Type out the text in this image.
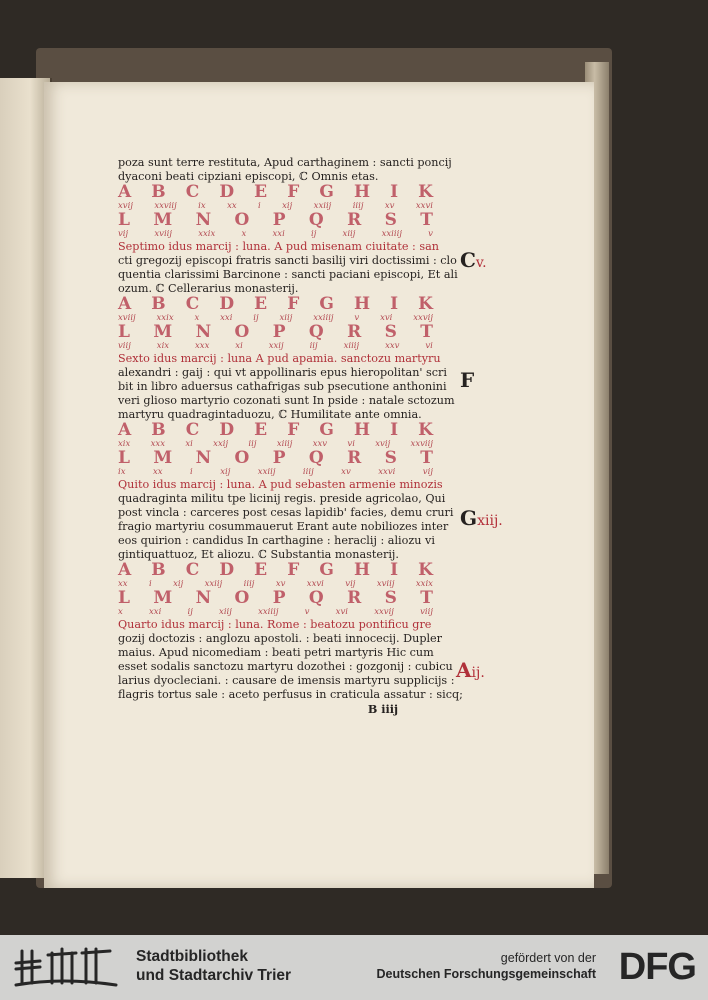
poza sunt terre restituta, Apud carthaginem : sancti poncij

dyaconi beati cipziani episcopi, ℂ Omnis etas.

A B C D E F G H I K
xvij	xxviij	ix	xx	i	xij	xxiij	iiij	xv	xxvi
L M N O P Q R S T
vij	xviij	xxix	x	xxi	ij	xiij	xxiiij	v

Septimo idus marcij : luna. A pud misenam ciuitate : san

cti gregozij episcopi fratris sancti basilij viri doctissimi : clo

quentia clarissimi Barcinone : sancti paciani episcopi, Et ali

ozum. ℂ Cellerarius monasterij.

A B C D E F G H I K
xviij xxix x xxi ij xiij xxiiij v xvi xxvij
L M N O P Q R S T
viij	xix	xxx	xi	xxij	iij	xiiij	xxv	vi

Sexto idus marcij : luna A pud apamia. sanctozu martyru

alexandri : gaij : qui vt appollinaris epus hieropolitan' scri

bit in libro aduersus cathafrigas sub psecutione anthonini

veri glioso martyrio cozonati sunt In pside : natale sctozum

martyru quadragintaduozu, ℂ Humilitate ante omnia.

A B C D E F G H I K
xix xxx xi xxij iij xiiij xxv vi xvij xxviij
L M N O P Q R S T
ix	xx	i	xij	xxiij	iiij	xv	xxvi	vij

Quito idus marcij : luna. A pud sebasten armenie minozis

quadraginta militu tpe licinij regis. preside agricolao, Qui

post vincla : carceres post cesas lapidib' facies, demu cruri

fragio martyriu cosummauerut Erant aute nobiliozes inter

eos quirion : candidus In carthagine : heraclij : aliozu vi

gintiquattuoz, Et aliozu. ℂ Substantia monasterij.

A B C D E F G H I K
xx	i	xij	xxiij	iiij	xv	xxvi	vij	xviij	xxix
L M N O P Q R S T
x	xxi	ij	xiij	xxiiij	v	xvi	xxvij	viij

Quarto idus marcij : luna. Rome : beatozu pontificu gre

gozij doctozis : anglozu apostoli. : beati innocecij. Dupler

maius. Apud nicomediam : beati petri martyris Hic cum

esset sodalis sanctozu martyru dozothei : gozgonij : cubicu

larius dyocleciani. : causare de imensis martyru supplicijs :

flagris tortus sale : aceto perfusus in craticula assatur : sicq;

B iiij

Cv.
F
Gxiij.
Aij.
Stadtbibliothek
und Stadtarchiv Trier
gefördert von der
Deutschen Forschungsgemeinschaft DFG
